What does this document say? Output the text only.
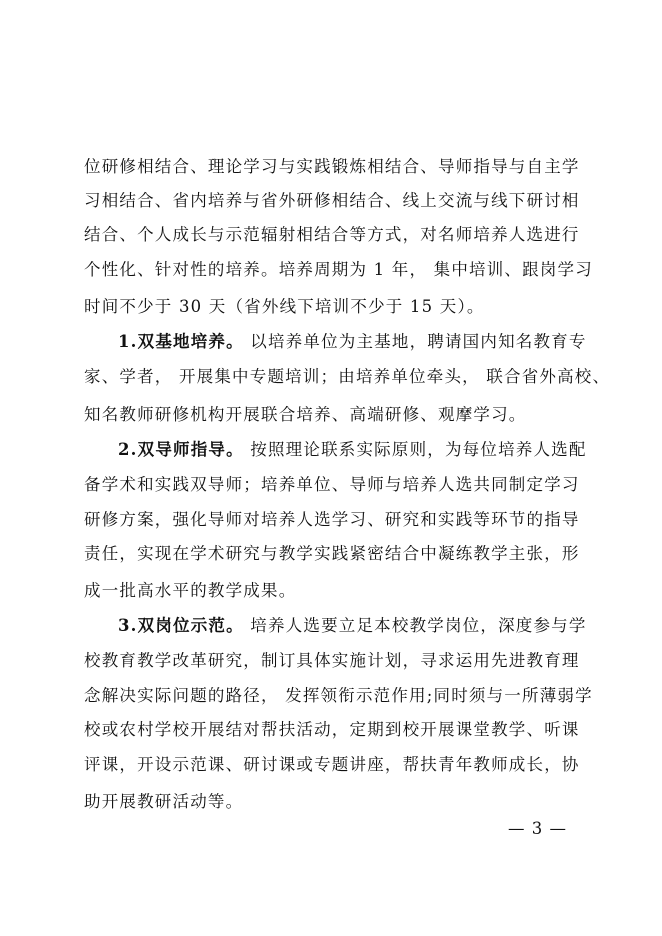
位研修相结合、理论学习与实践锻炼相结合、导师指导与自主学
习相结合、省内培养与省外研修相结合、线上交流与线下研讨相
结合、个人成长与示范辐射相结合等方式，对名师培养人选进行
个性化、针对性的培养。培养周期为 1 年， 集中培训、跟岗学习
时间不少于 30 天（省外线下培训不少于 15 天）。
1.双基地培养。 以培养单位为主基地，聘请国内知名教育专
家、学者， 开展集中专题培训；由培养单位牵头， 联合省外高校、
知名教师研修机构开展联合培养、高端研修、观摩学习。
2.双导师指导。 按照理论联系实际原则，为每位培养人选配
备学术和实践双导师；培养单位、导师与培养人选共同制定学习
研修方案，强化导师对培养人选学习、研究和实践等环节的指导
责任，实现在学术研究与教学实践紧密结合中凝练教学主张，形
成一批高水平的教学成果。
3.双岗位示范。 培养人选要立足本校教学岗位，深度参与学
校教育教学改革研究，制订具体实施计划，寻求运用先进教育理
念解决实际问题的路径， 发挥领衔示范作用;同时须与一所薄弱学
校或农村学校开展结对帮扶活动，定期到校开展课堂教学、听课
评课，开设示范课、研讨课或专题讲座，帮扶青年教师成长，协
助开展教研活动等。
— 3 —
